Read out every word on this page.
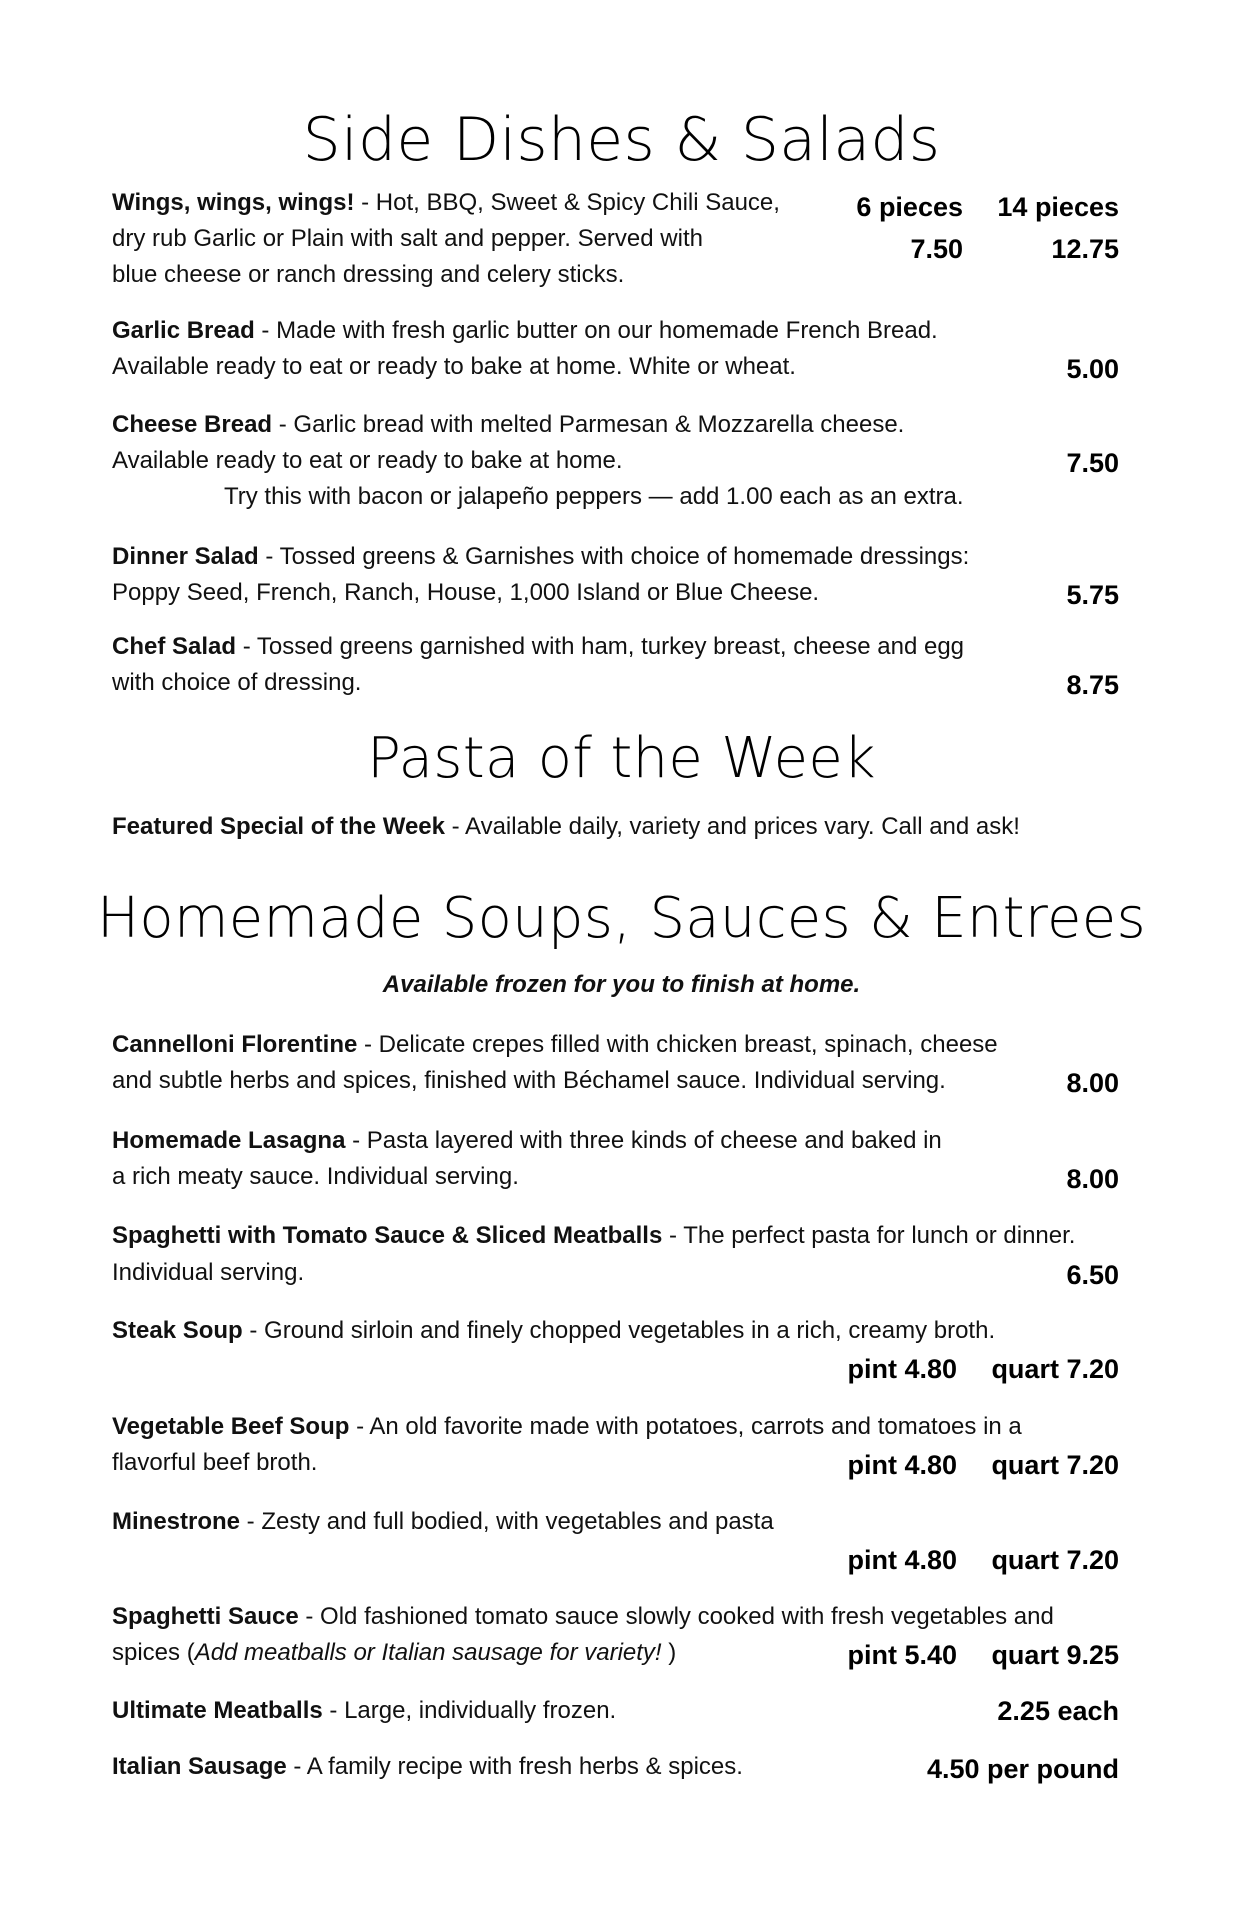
Side Dishes & Salads
Pasta of the Week
Homemade Soups, Sauces & Entrees
Wings, wings, wings! - Hot, BBQ, Sweet & Spicy Chili Sauce,
dry rub Garlic or Plain with salt and pepper. Served with
blue cheese or ranch dressing and celery sticks.
6 pieces 14 pieces
7.50	12.75
Garlic Bread - Made with fresh garlic butter on our homemade French Bread.
Available ready to eat or ready to bake at home. White or wheat.	5.00
Cheese Bread - Garlic bread with melted Parmesan & Mozzarella cheese.
Available ready to eat or ready to bake at home.
Try this with bacon or jalapeño peppers — add 1.00 each as an extra.
7.50
Dinner Salad - Tossed greens & Garnishes with choice of homemade dressings:
Poppy Seed, French, Ranch, House, 1,000 Island or Blue Cheese.	5.75
Chef Salad - Tossed greens garnished with ham, turkey breast, cheese and egg
with choice of dressing.	8.75
Featured Special of the Week - Available daily, variety and prices vary. Call and ask!
Available frozen for you to finish at home.
Cannelloni Florentine - Delicate crepes filled with chicken breast, spinach, cheese
and subtle herbs and spices, finished with Béchamel sauce. Individual serving.	8.00
Homemade Lasagna - Pasta layered with three kinds of cheese and baked in
a rich meaty sauce. Individual serving.	8.00
Spaghetti with Tomato Sauce & Sliced Meatballs - The perfect pasta for lunch or dinner.
Individual serving.	6.50
Steak Soup - Ground sirloin and finely chopped vegetables in a rich, creamy broth.
pint 4.80 quart 7.20
Vegetable Beef Soup - An old favorite made with potatoes, carrots and tomatoes in a
flavorful beef broth.	pint 4.80 quart 7.20
Minestrone - Zesty and full bodied, with vegetables and pasta
pint 4.80 quart 7.20
Spaghetti Sauce - Old fashioned tomato sauce slowly cooked with fresh vegetables and
spices (Add meatballs or Italian sausage for variety! )	pint 5.40 quart 9.25
Ultimate Meatballs - Large, individually frozen.	2.25 each
Italian Sausage - A family recipe with fresh herbs & spices.	4.50 per pound
